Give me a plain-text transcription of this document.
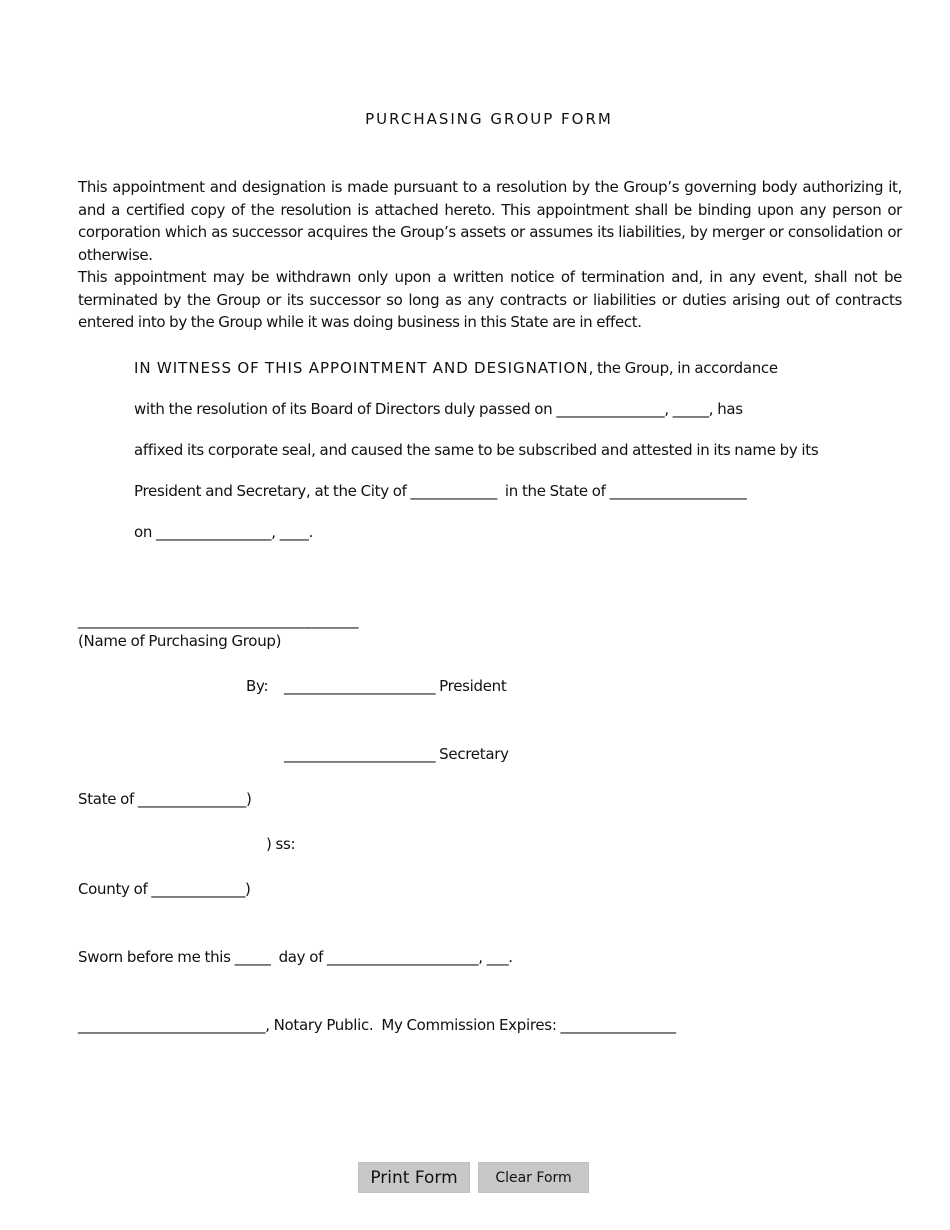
PURCHASING GROUP FORM
This appointment and designation is made pursuant to a resolution by the Group’s governing body authorizing it, and a certified copy of the resolution is attached hereto. This appointment shall be binding upon any person or corporation which as successor acquires the Group’s assets or assumes its liabilities, by merger or consolidation or otherwise.
This appointment may be withdrawn only upon a written notice of termination and, in any event, shall not be terminated by the Group or its successor so long as any contracts or liabilities or duties arising out of contracts entered into by the Group while it was doing business in this State are in effect.
IN WITNESS OF THIS APPOINTMENT AND DESIGNATION, the Group, in accordance
with the resolution of its Board of Directors duly passed on _______________, _____, has
affixed its corporate seal, and caused the same to be subscribed and attested in its name by its
President and Secretary, at the City of ____________  in the State of ___________________
on ________________, ____.
____________________________________
(Name of Purchasing Group)
By: _____________________ President
_____________________ Secretary
State of _______________)
) ss:
County of _____________)
Sworn before me this _____  day of _____________________, ___.
__________________________, Notary Public.  My Commission Expires: ________________
Print Form	Clear Form
